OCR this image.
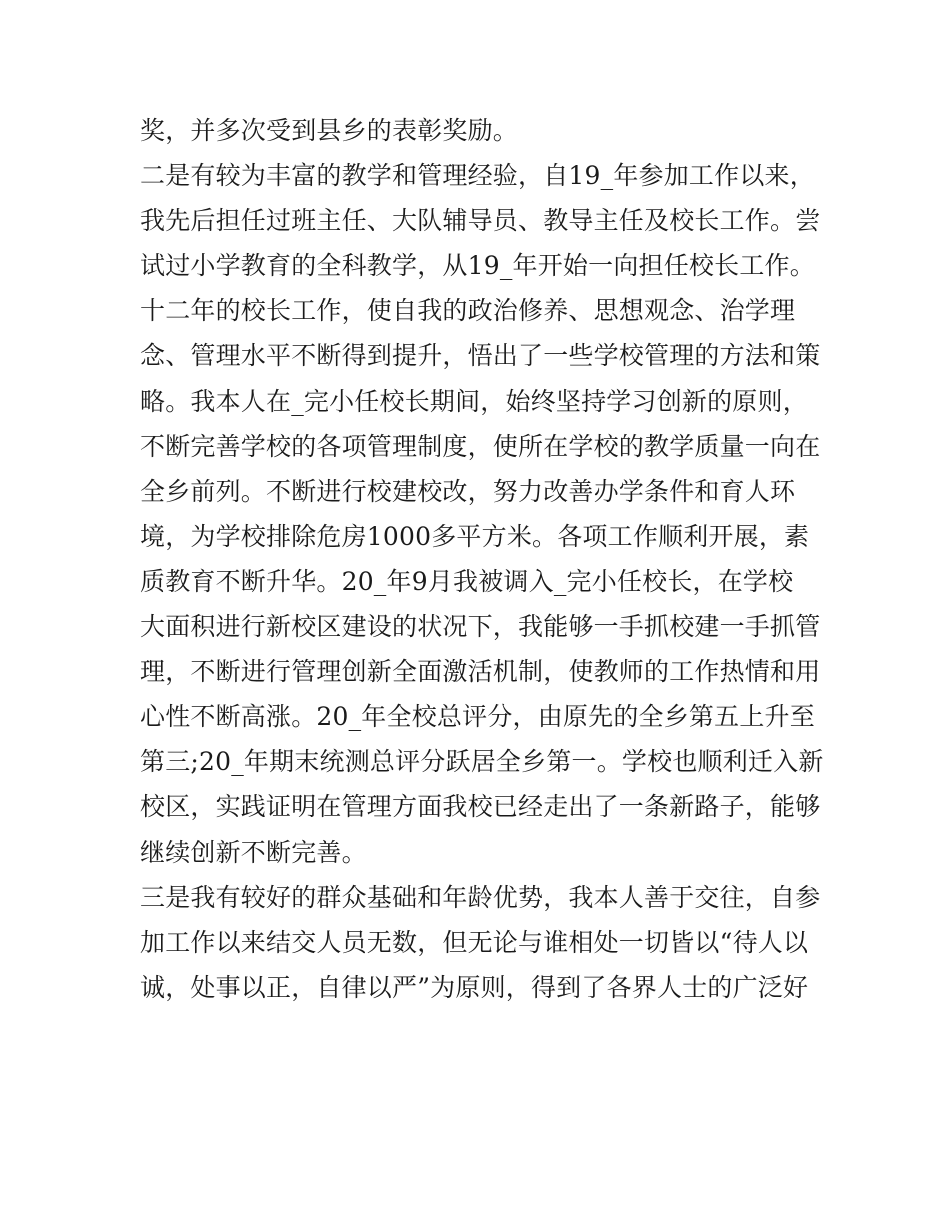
奖，并多次受到县乡的表彰奖励。
二是有较为丰富的教学和管理经验，自19_年参加工作以来，
我先后担任过班主任、大队辅导员、教导主任及校长工作。尝
试过小学教育的全科教学，从19_年开始一向担任校长工作。
十二年的校长工作，使自我的政治修养、思想观念、治学理
念、管理水平不断得到提升，悟出了一些学校管理的方法和策
略。我本人在_完小任校长期间，始终坚持学习创新的原则，
不断完善学校的各项管理制度，使所在学校的教学质量一向在
全乡前列。不断进行校建校改，努力改善办学条件和育人环
境，为学校排除危房1000多平方米。各项工作顺利开展，素
质教育不断升华。20_年9月我被调入_完小任校长，在学校
大面积进行新校区建设的状况下，我能够一手抓校建一手抓管
理，不断进行管理创新全面激活机制，使教师的工作热情和用
心性不断高涨。20_年全校总评分，由原先的全乡第五上升至
第三;20_年期末统测总评分跃居全乡第一。学校也顺利迁入新
校区，实践证明在管理方面我校已经走出了一条新路子，能够
继续创新不断完善。
三是我有较好的群众基础和年龄优势，我本人善于交往，自参
加工作以来结交人员无数，但无论与谁相处一切皆以“待人以
诚，处事以正，自律以严”为原则，得到了各界人士的广泛好
